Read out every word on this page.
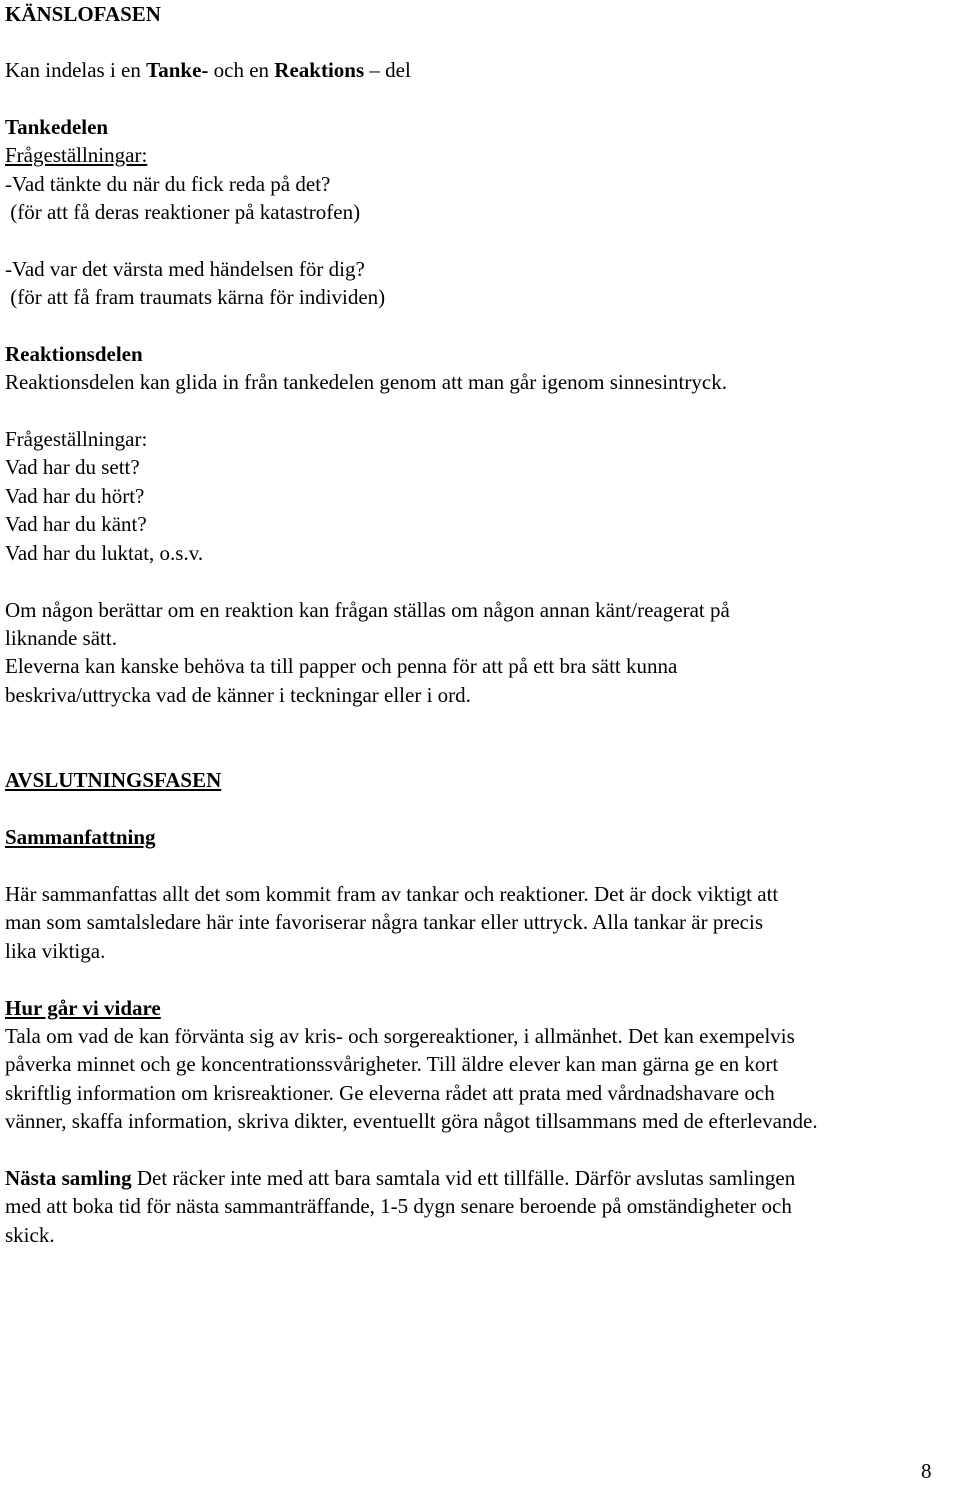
KÄNSLOFASEN
Kan indelas i en Tanke- och en Reaktions – del
Tankedelen
Frågeställningar:
-Vad tänkte du när du fick reda på det?
(för att få deras reaktioner på katastrofen)
-Vad var det värsta med händelsen för dig?
(för att få fram traumats kärna för individen)
Reaktionsdelen
Reaktionsdelen kan glida in från tankedelen genom att man går igenom sinnesintryck.
Frågeställningar:
Vad har du sett?
Vad har du hört?
Vad har du känt?
Vad har du luktat, o.s.v.
Om någon berättar om en reaktion kan frågan ställas om någon annan känt/reagerat på
liknande sätt.
Eleverna kan kanske behöva ta till papper och penna för att på ett bra sätt kunna
beskriva/uttrycka vad de känner i teckningar eller i ord.
AVSLUTNINGSFASEN
Sammanfattning
Här sammanfattas allt det som kommit fram av tankar och reaktioner. Det är dock viktigt att
man som samtalsledare här inte favoriserar några tankar eller uttryck. Alla tankar är precis
lika viktiga.
Hur går vi vidare
Tala om vad de kan förvänta sig av kris- och sorgereaktioner, i allmänhet. Det kan exempelvis
påverka minnet och ge koncentrationssvårigheter. Till äldre elever kan man gärna ge en kort
skriftlig information om krisreaktioner. Ge eleverna rådet att prata med vårdnadshavare och
vänner, skaffa information, skriva dikter, eventuellt göra något tillsammans med de efterlevande.
Nästa samling Det räcker inte med att bara samtala vid ett tillfälle. Därför avslutas samlingen
med att boka tid för nästa sammanträffande, 1-5 dygn senare beroende på omständigheter och
skick.
8
